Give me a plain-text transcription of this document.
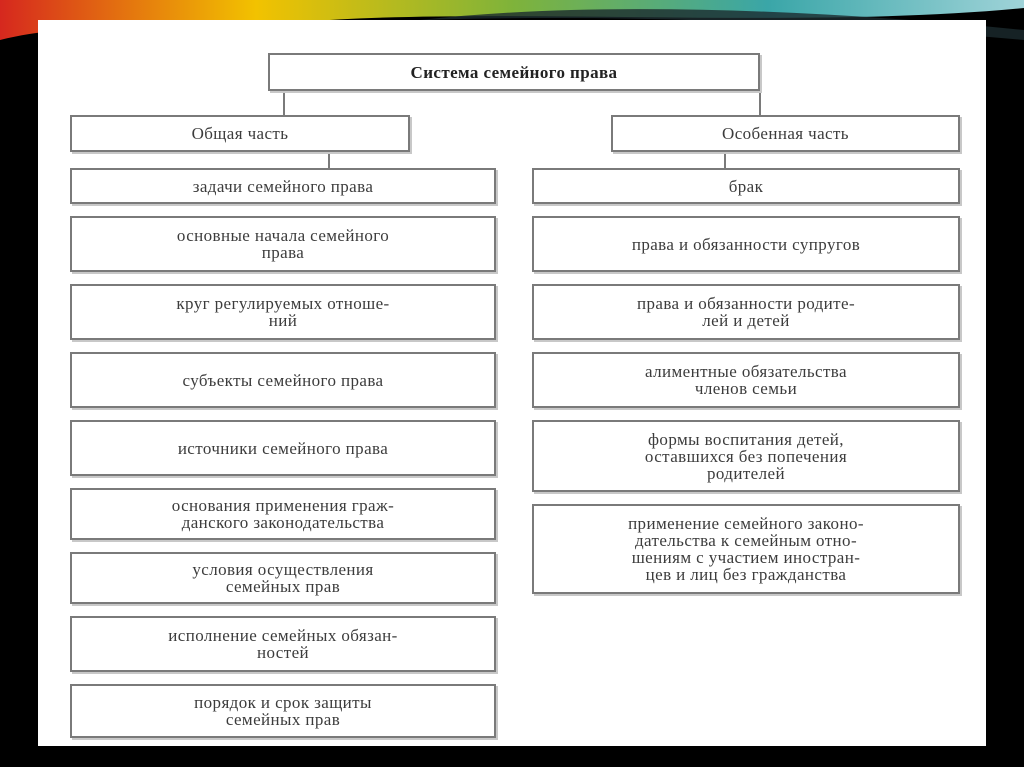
Система семейного права
Общая часть	Особенная часть
задачи семейного права
основные начала семейного
права
круг регулируемых отноше-
ний
субъекты семейного права
источники семейного права
основания применения граж-
данского законодательства
условия осуществления
семейных прав
исполнение семейных обязан-
ностей
порядок и срок защиты
семейных прав
брак
права и обязанности супругов
права и обязанности родите-
лей и детей
алиментные обязательства
членов семьи
формы воспитания детей,
оставшихся без попечения
родителей
применение семейного законо-
дательства к семейным отно-
шениям с участием иностран-
цев и лиц без гражданства
